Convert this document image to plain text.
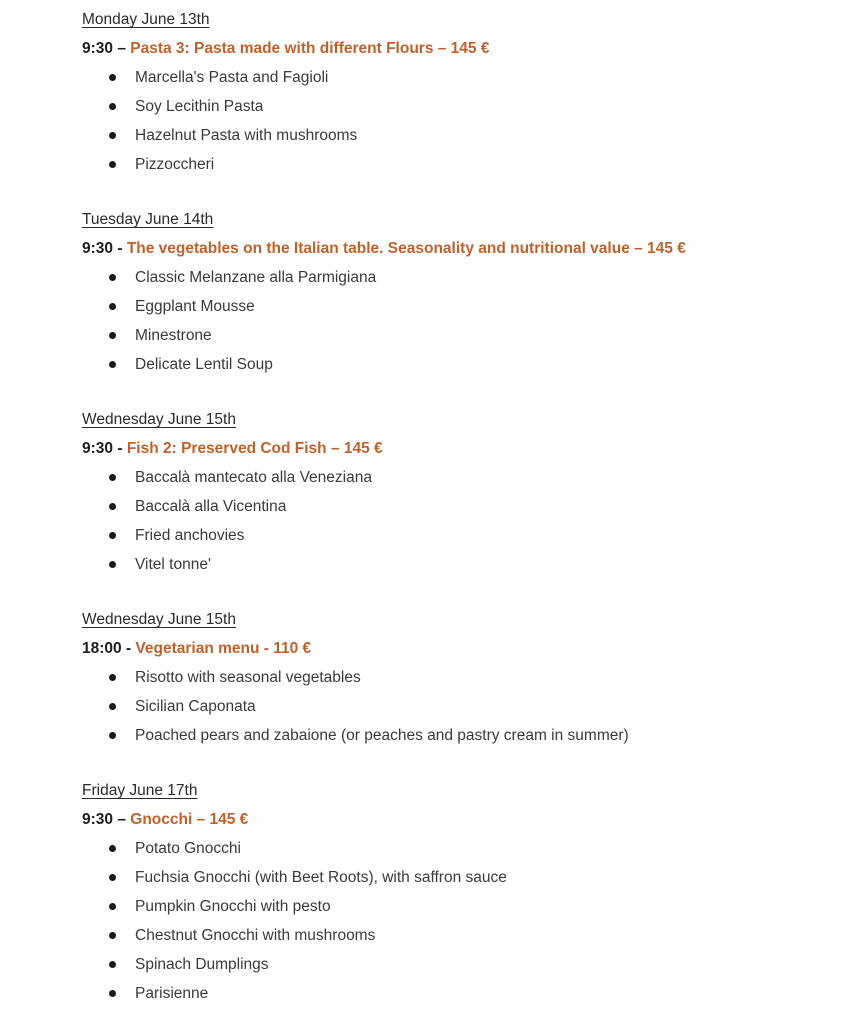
Monday June 13th
9:30 – Pasta 3: Pasta made with different Flours – 145 €
Marcella's Pasta and Fagioli
Soy Lecithin Pasta
Hazelnut Pasta with mushrooms
Pizzoccheri
Tuesday June 14th
9:30 - The vegetables on the Italian table. Seasonality and nutritional value – 145 €
Classic Melanzane alla Parmigiana
Eggplant Mousse
Minestrone
Delicate Lentil Soup
Wednesday June 15th
9:30 - Fish 2: Preserved Cod Fish – 145 €
Baccalà mantecato alla Veneziana
Baccalà alla Vicentina
Fried anchovies
Vitel tonne'
Wednesday June 15th
18:00 - Vegetarian menu - 110 €
Risotto with seasonal vegetables
Sicilian Caponata
Poached pears and zabaione (or peaches and pastry cream in summer)
Friday June 17th
9:30 – Gnocchi – 145 €
Potato Gnocchi
Fuchsia Gnocchi (with Beet Roots), with saffron sauce
Pumpkin Gnocchi with pesto
Chestnut Gnocchi with mushrooms
Spinach Dumplings
Parisienne
